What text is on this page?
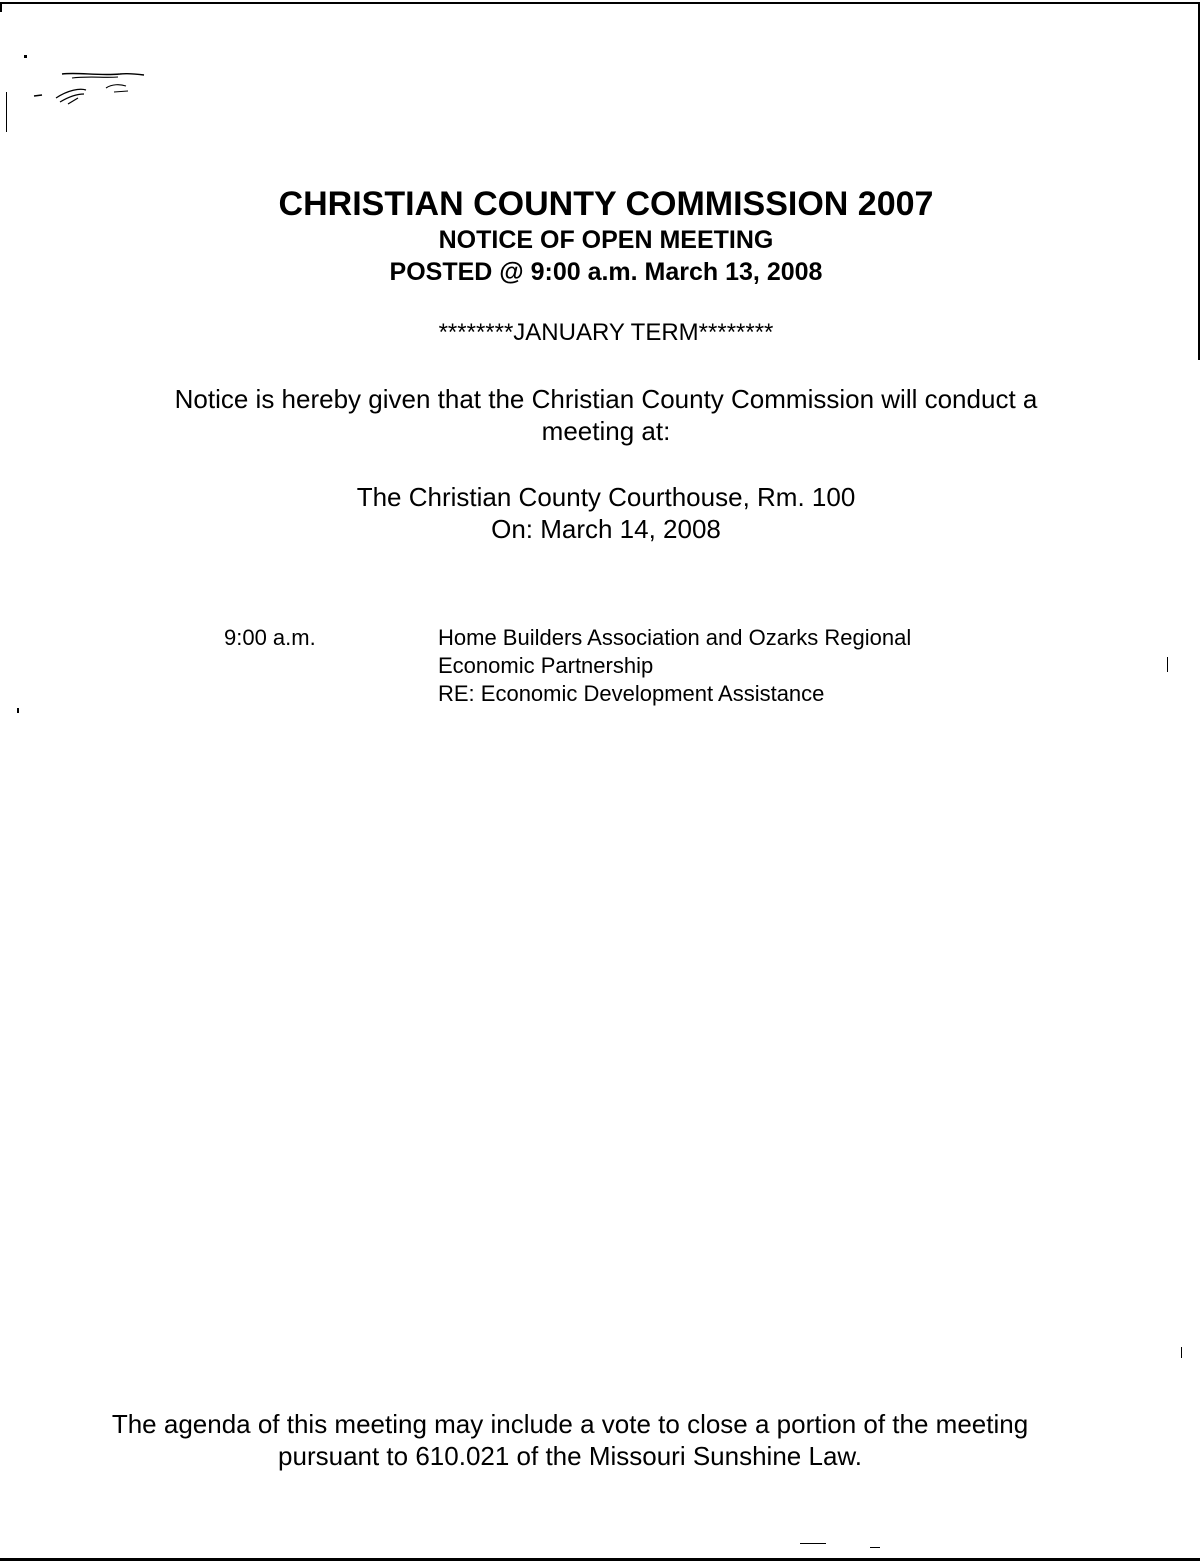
CHRISTIAN COUNTY COMMISSION 2007
NOTICE OF OPEN MEETING
POSTED @ 9:00 a.m. March 13, 2008
********JANUARY TERM********
Notice is hereby given that the Christian County Commission will conduct a
meeting at:
The Christian County Courthouse, Rm. 100
On: March 14, 2008
9:00 a.m.	Home Builders Association and Ozarks Regional
Economic Partnership
RE: Economic Development Assistance
The agenda of this meeting may include a vote to close a portion of the meeting
pursuant to 610.021 of the Missouri Sunshine Law.
